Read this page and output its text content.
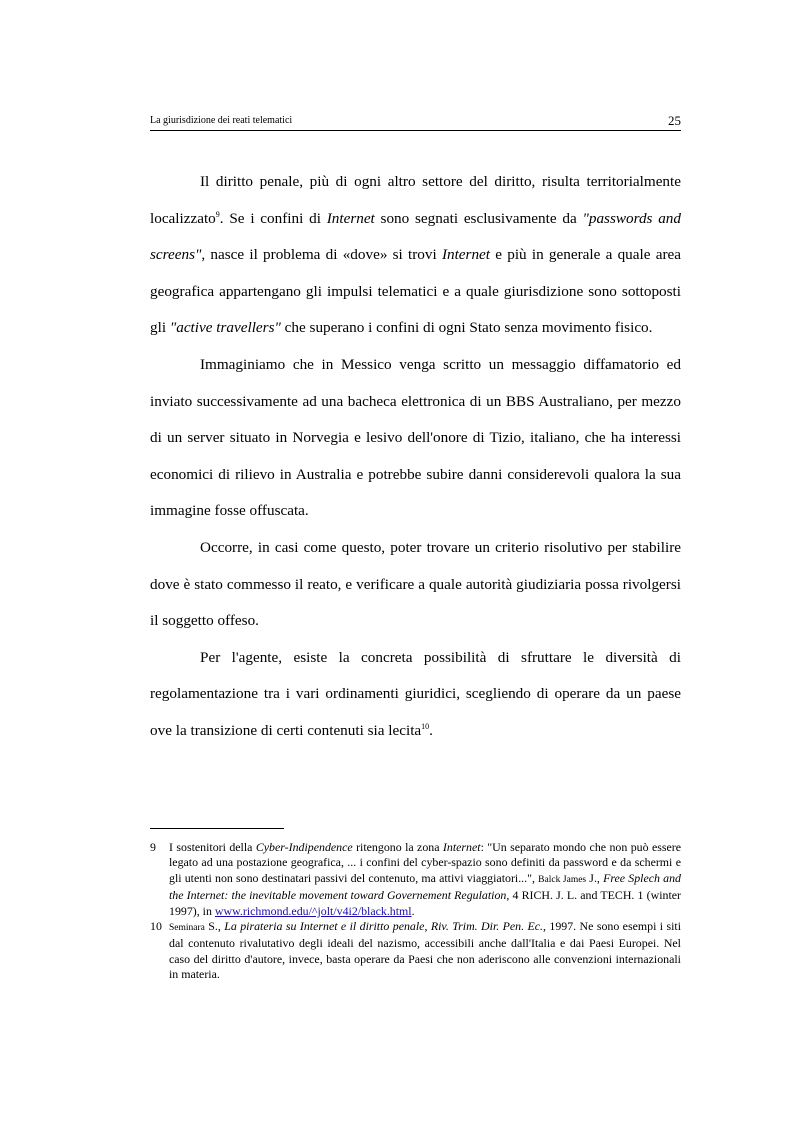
La giurisdizione dei reati telematici	25

Il diritto penale, più di ogni altro settore del diritto, risulta territorialmente localizzato$^9$. Se i confini di Internet sono segnati esclusivamente da "passwords and screens", nasce il problema di «dove» si trovi Internet e più in generale a quale area geografica appartengano gli impulsi telematici e a quale giurisdizione sono sottoposti gli "active travellers" che superano i confini di ogni Stato senza movimento fisico.

Immaginiamo che in Messico venga scritto un messaggio diffamatorio ed inviato successivamente ad una bacheca elettronica di un BBS Australiano, per mezzo di un server situato in Norvegia e lesivo dell'onore di Tizio, italiano, che ha interessi economici di rilievo in Australia e potrebbe subire danni considerevoli qualora la sua immagine fosse offuscata.

Occorre, in casi come questo, poter trovare un criterio risolutivo per stabilire dove è stato commesso il reato, e verificare a quale autorità giudiziaria possa rivolgersi il soggetto offeso.

Per l'agente, esiste la concreta possibilità di sfruttare le diversità di regolamentazione tra i vari ordinamenti giuridici, scegliendo di operare da un paese ove la transizione di certi contenuti sia lecita$^{10}$.

9	I sostenitori della Cyber-Indipendence ritengono la zona Internet: "Un separato mondo che non può essere legato ad una postazione geografica, ... i confini del cyber-spazio sono definiti da password e da schermi e gli utenti non sono destinatari passivi del contenuto, ma attivi viaggiatori...", Balck James J., Free Splech and the Internet: the inevitable movement toward Governement Regulation, 4 RICH. J. L. and TECH. 1 (winter 1997), in www.richmond.edu/^jolt/v4i2/black.html.
10 Seminara S., La pirateria su Internet e il diritto penale, Riv. Trim. Dir. Pen. Ec., 1997. Ne sono esempi i siti dal contenuto rivalutativo degli ideali del nazismo, accessibili anche dall'Italia e dai Paesi Europei. Nel caso del diritto d'autore, invece, basta operare da Paesi che non aderiscono alle convenzioni internazionali in materia.
